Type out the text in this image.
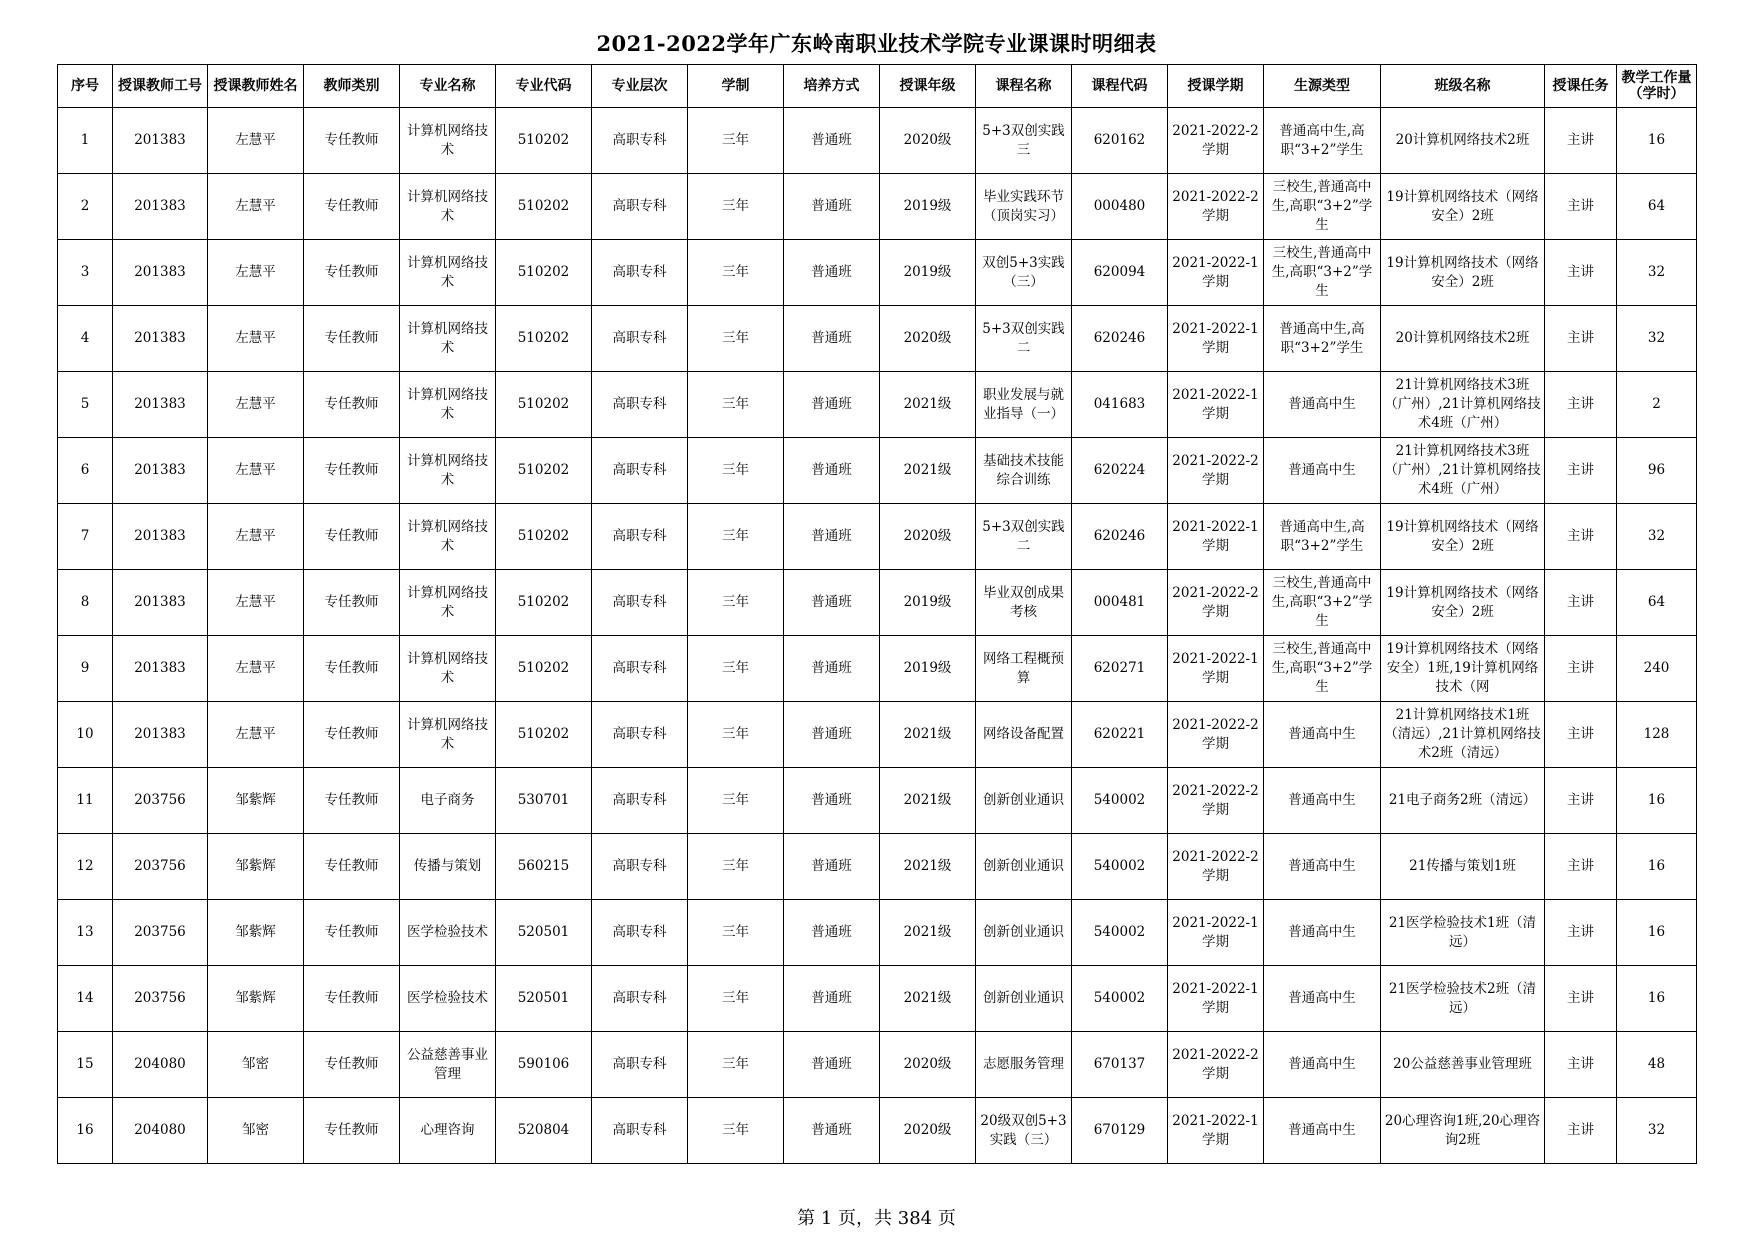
2021-2022学年广东岭南职业技术学院专业课课时明细表
序号	授课教师工号	授课教师姓名	教师类别	专业名称	专业代码	专业层次	学制	培养方式	授课年级	课程名称	课程代码	授课学期	生源类型	班级名称	授课任务	教学工作量（学时）
1	201383	左慧平	专任教师	计算机网络技术	510202	高职专科	三年	普通班	2020级	5+3双创实践三	620162	2021-2022-2学期	普通高中生,高职“3+2”学生	20计算机网络技术2班	主讲	16
2	201383	左慧平	专任教师	计算机网络技术	510202	高职专科	三年	普通班	2019级	毕业实践环节（顶岗实习）	000480	2021-2022-2学期	三校生,普通高中生,高职“3+2”学生	19计算机网络技术（网络安全）2班	主讲	64
3	201383	左慧平	专任教师	计算机网络技术	510202	高职专科	三年	普通班	2019级	双创5+3实践（三）	620094	2021-2022-1学期	三校生,普通高中生,高职“3+2”学生	19计算机网络技术（网络安全）2班	主讲	32
4	201383	左慧平	专任教师	计算机网络技术	510202	高职专科	三年	普通班	2020级	5+3双创实践二	620246	2021-2022-1学期	普通高中生,高职“3+2”学生	20计算机网络技术2班	主讲	32
5	201383	左慧平	专任教师	计算机网络技术	510202	高职专科	三年	普通班	2021级	职业发展与就业指导（一）	041683	2021-2022-1学期	普通高中生	21计算机网络技术3班（广州）,21计算机网络技术4班（广州）	主讲	2
6	201383	左慧平	专任教师	计算机网络技术	510202	高职专科	三年	普通班	2021级	基础技术技能综合训练	620224	2021-2022-2学期	普通高中生	21计算机网络技术3班（广州）,21计算机网络技术4班（广州）	主讲	96
7	201383	左慧平	专任教师	计算机网络技术	510202	高职专科	三年	普通班	2020级	5+3双创实践二	620246	2021-2022-1学期	普通高中生,高职“3+2”学生	19计算机网络技术（网络安全）2班	主讲	32
8	201383	左慧平	专任教师	计算机网络技术	510202	高职专科	三年	普通班	2019级	毕业双创成果考核	000481	2021-2022-2学期	三校生,普通高中生,高职“3+2”学生	19计算机网络技术（网络安全）2班	主讲	64
9	201383	左慧平	专任教师	计算机网络技术	510202	高职专科	三年	普通班	2019级	网络工程概预算	620271	2021-2022-1学期	三校生,普通高中生,高职“3+2”学生	19计算机网络技术（网络安全）1班,19计算机网络技术（网	主讲	240
10	201383	左慧平	专任教师	计算机网络技术	510202	高职专科	三年	普通班	2021级	网络设备配置	620221	2021-2022-2学期	普通高中生	21计算机网络技术1班（清远）,21计算机网络技术2班（清远）	主讲	128
11	203756	邹紫辉	专任教师	电子商务	530701	高职专科	三年	普通班	2021级	创新创业通识	540002	2021-2022-2学期	普通高中生	21电子商务2班（清远）	主讲	16
12	203756	邹紫辉	专任教师	传播与策划	560215	高职专科	三年	普通班	2021级	创新创业通识	540002	2021-2022-2学期	普通高中生	21传播与策划1班	主讲	16
13	203756	邹紫辉	专任教师	医学检验技术	520501	高职专科	三年	普通班	2021级	创新创业通识	540002	2021-2022-1学期	普通高中生	21医学检验技术1班（清远）	主讲	16
14	203756	邹紫辉	专任教师	医学检验技术	520501	高职专科	三年	普通班	2021级	创新创业通识	540002	2021-2022-1学期	普通高中生	21医学检验技术2班（清远）	主讲	16
15	204080	邹密	专任教师	公益慈善事业管理	590106	高职专科	三年	普通班	2020级	志愿服务管理	670137	2021-2022-2学期	普通高中生	20公益慈善事业管理班	主讲	48
16	204080	邹密	专任教师	心理咨询	520804	高职专科	三年	普通班	2020级	20级双创5+3实践（三）	670129	2021-2022-1学期	普通高中生	20心理咨询1班,20心理咨询2班	主讲	32
第 1 页，共 384 页
